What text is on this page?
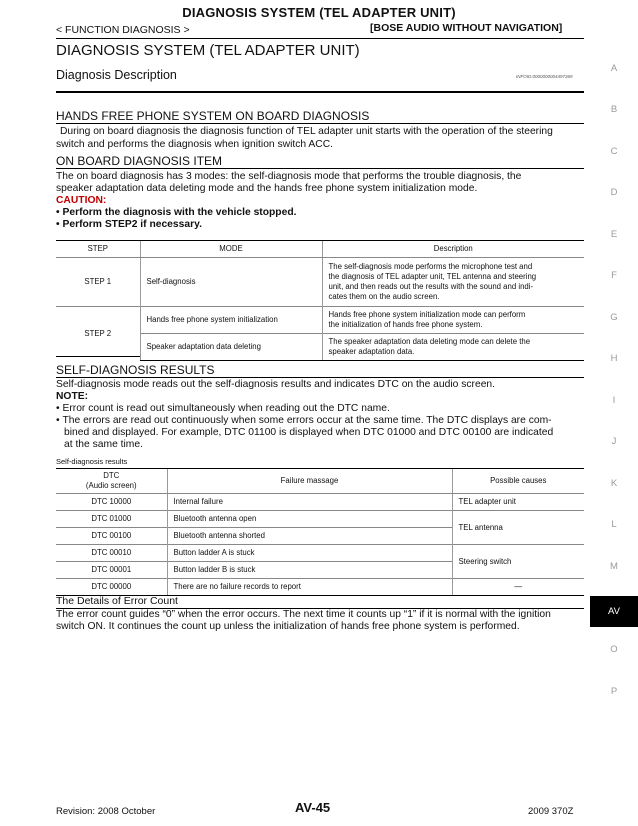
DIAGNOSIS SYSTEM (TEL ADAPTER UNIT)
< FUNCTION DIAGNOSIS >	[BOSE AUDIO WITHOUT NAVIGATION]
DIAGNOSIS SYSTEM (TEL ADAPTER UNIT)
Diagnosis Description	INFOID:0000000004497369
HANDS FREE PHONE SYSTEM ON BOARD DIAGNOSIS
During on board diagnosis the diagnosis function of TEL adapter unit starts with the operation of the steering
switch and performs the diagnosis when ignition switch ACC.
ON BOARD DIAGNOSIS ITEM
The on board diagnosis has 3 modes: the self-diagnosis mode that performs the trouble diagnosis, the
speaker adaptation data deleting mode and the hands free phone system initialization mode.
CAUTION:
• Perform the diagnosis with the vehicle stopped.
• Perform STEP2 if necessary.
STEP	MODE	Description
STEP 1	Self-diagnosis	The self-diagnosis mode performs the microphone test and
the diagnosis of TEL adapter unit, TEL antenna and steering
unit, and then reads out the results with the sound and indi-
cates them on the audio screen.

STEP 2	Hands free phone system initialization	Hands free phone system initialization mode can perform
the initialization of hands free phone system.

	Speaker adaptation data deleting	The speaker adaptation data deleting mode can delete the
speaker adaptation data.
SELF-DIAGNOSIS RESULTS
Self-diagnosis mode reads out the self-diagnosis results and indicates DTC on the audio screen.
NOTE:
• Error count is read out simultaneously when reading out the DTC name.
• The errors are read out continuously when some errors occur at the same time. The DTC displays are com-
bined and displayed. For example, DTC 01100 is displayed when DTC 01000 and DTC 00100 are indicated
at the same time.
Self-diagnosis results
DTC
(Audio screen)	Failure massage	Possible causes
DTC 10000	Internal failure	TEL adapter unit
DTC 01000	Bluetooth antenna open	TEL antenna
DTC 00100	Bluetooth antenna shorted	
DTC 00010	Button ladder A is stuck	Steering switch
DTC 00001	Button ladder B is stuck	
DTC 00000	There are no failure records to report	—
The Details of Error Count
The error count guides “0” when the error occurs. The next time it counts up “1” if it is normal with the ignition
switch ON. It continues the count up unless the initialization of hands free phone system is performed.
A
B
C
D
E
F
G
H
I
J
K
L
M
AV
O
P
Revision: 2008 October	AV-45	2009 370Z
